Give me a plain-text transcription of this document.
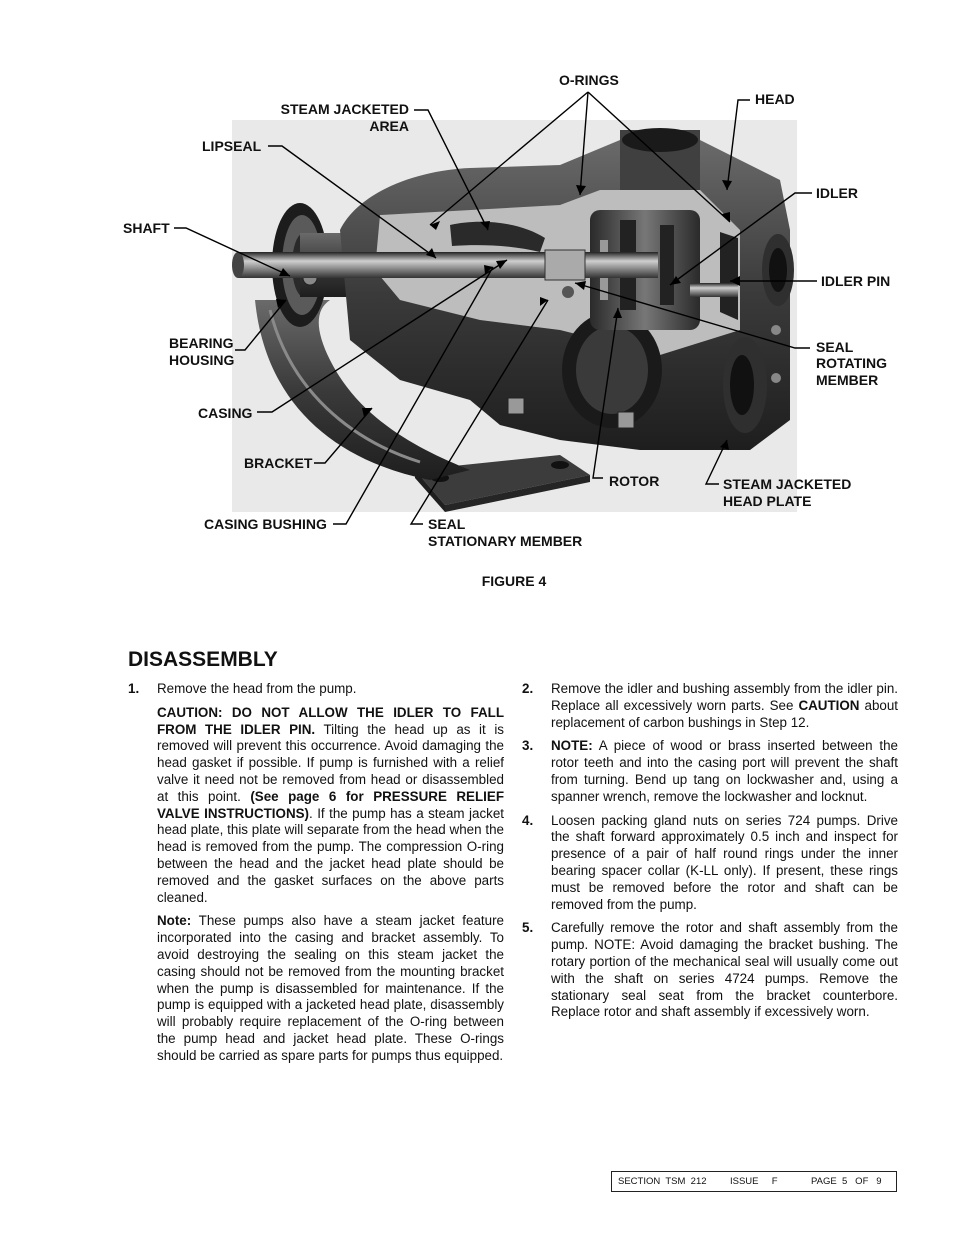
O-RINGS
HEAD
STEAM JACKETED
AREA
LIPSEAL
IDLER
SHAFT
IDLER PIN
BEARING
HOUSING
SEAL
ROTATING
MEMBER
CASING
BRACKET
ROTOR	STEAM JACKETED
HEAD PLATE
CASING BUSHING	SEAL
STATIONARY MEMBER
FIGURE 4
DISASSEMBLY
1. Remove the head from the pump.
CAUTION: DO NOT ALLOW THE IDLER TO FALL FROM THE IDLER PIN. Tilting the head up as it is removed will prevent this occurrence. Avoid damaging the head gasket if possible. If pump is furnished with a relief valve it need not be removed from head or disassembled at this point. (See page 6 for PRESSURE RELIEF VALVE INSTRUCTIONS). If the pump has a steam jacket head plate, this plate will separate from the head when the head is removed from the pump. The compression O-ring between the head and the jacket head plate should be removed and the gasket surfaces on the above parts cleaned.
Note: These pumps also have a steam jacket feature incorporated into the casing and bracket assembly. To avoid destroying the sealing on this steam jacket the casing should not be removed from the mounting bracket when the pump is disassembled for maintenance. If the pump is equipped with a jacketed head plate, disassembly will probably require replacement of the O-ring between the pump head and jacket head plate. These O-rings should be carried as spare parts for pumps thus equipped.
2. Remove the idler and bushing assembly from the idler pin. Replace all excessively worn parts. See CAUTION about replacement of carbon bushings in Step 12.
3. NOTE: A piece of wood or brass inserted between the rotor teeth and into the casing port will prevent the shaft from turning. Bend up tang on lockwasher and, using a spanner wrench, remove the lockwasher and locknut.
4. Loosen packing gland nuts on series 724 pumps. Drive the shaft forward approximately 0.5 inch and inspect for presence of a pair of half round rings under the inner bearing spacer collar (K-LL only). If present, these rings must be removed before the rotor and shaft can be removed from the pump.
5. Carefully remove the rotor and shaft assembly from the pump. NOTE: Avoid damaging the bracket bushing. The rotary portion of the mechanical seal will usually come out with the shaft on series 4724 pumps. Remove the stationary seal seat from the bracket counterbore. Replace rotor and shaft assembly if excessively worn.
SECTION  TSM  212 ISSUE     F	PAGE  5   OF   9
